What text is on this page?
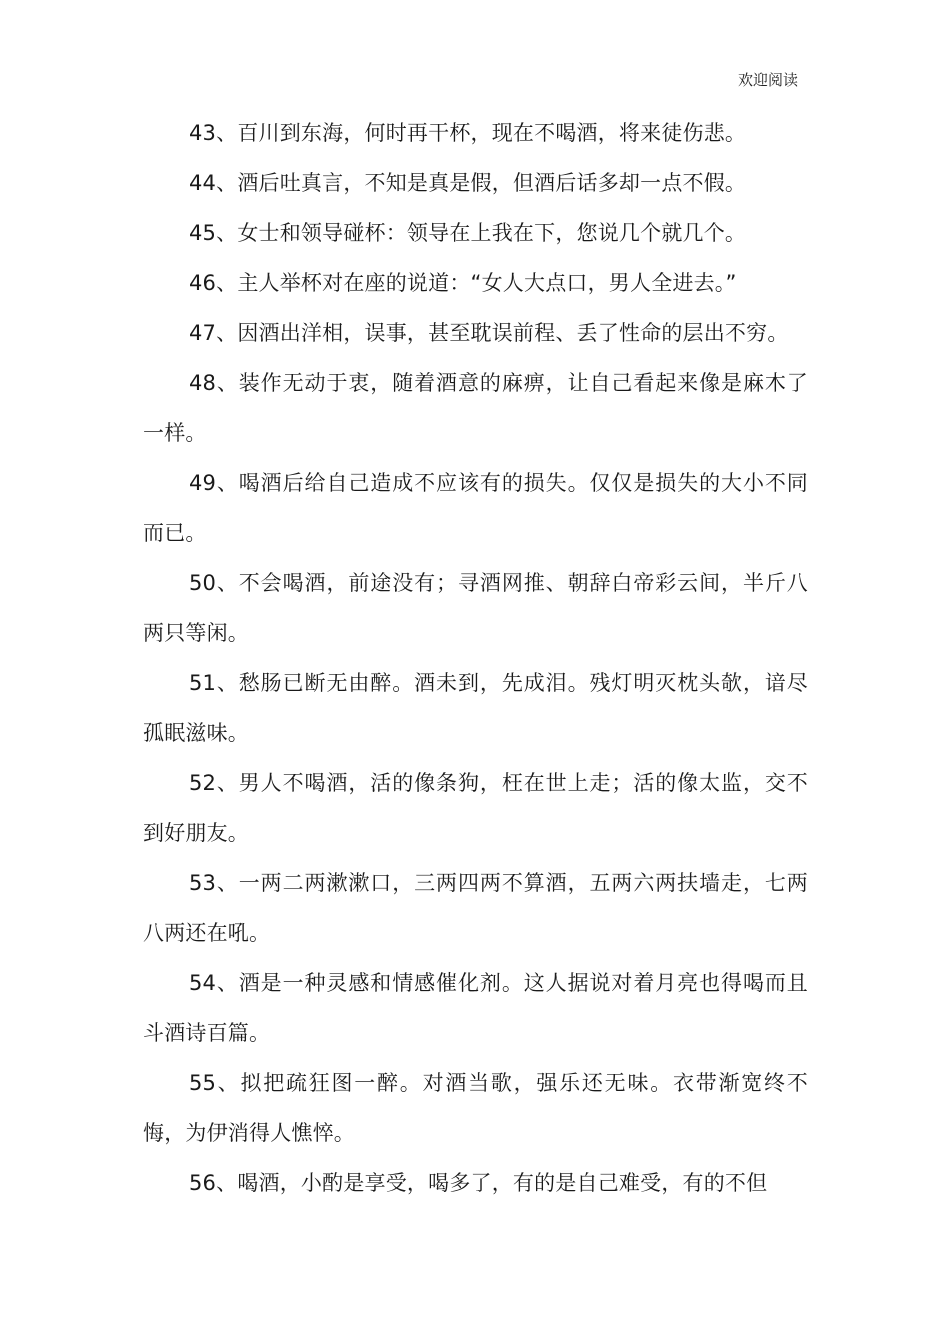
欢迎阅读

43、百川到东海，何时再干杯，现在不喝酒，将来徒伤悲。

44、酒后吐真言，不知是真是假，但酒后话多却一点不假。

45、女士和领导碰杯：领导在上我在下，您说几个就几个。

46、主人举杯对在座的说道：“女人大点口，男人全进去。”

47、因酒出洋相，误事，甚至耽误前程、丢了性命的层出不穷。

48、装作无动于衷，随着酒意的麻痹，让自己看起来像是麻木了一样。

49、喝酒后给自己造成不应该有的损失。仅仅是损失的大小不同而已。

50、不会喝酒，前途没有；寻酒网推、朝辞白帝彩云间，半斤八两只等闲。

51、愁肠已断无由醉。酒未到，先成泪。残灯明灭枕头欹，谙尽孤眠滋味。

52、男人不喝酒，活的像条狗，枉在世上走；活的像太监，交不到好朋友。

53、一两二两漱漱口，三两四两不算酒，五两六两扶墙走，七两八两还在吼。

54、酒是一种灵感和情感催化剂。这人据说对着月亮也得喝而且斗酒诗百篇。

55、拟把疏狂图一醉。对酒当歌，强乐还无味。衣带渐宽终不悔，为伊消得人憔悴。

56、喝酒，小酌是享受，喝多了，有的是自己难受，有的不但
